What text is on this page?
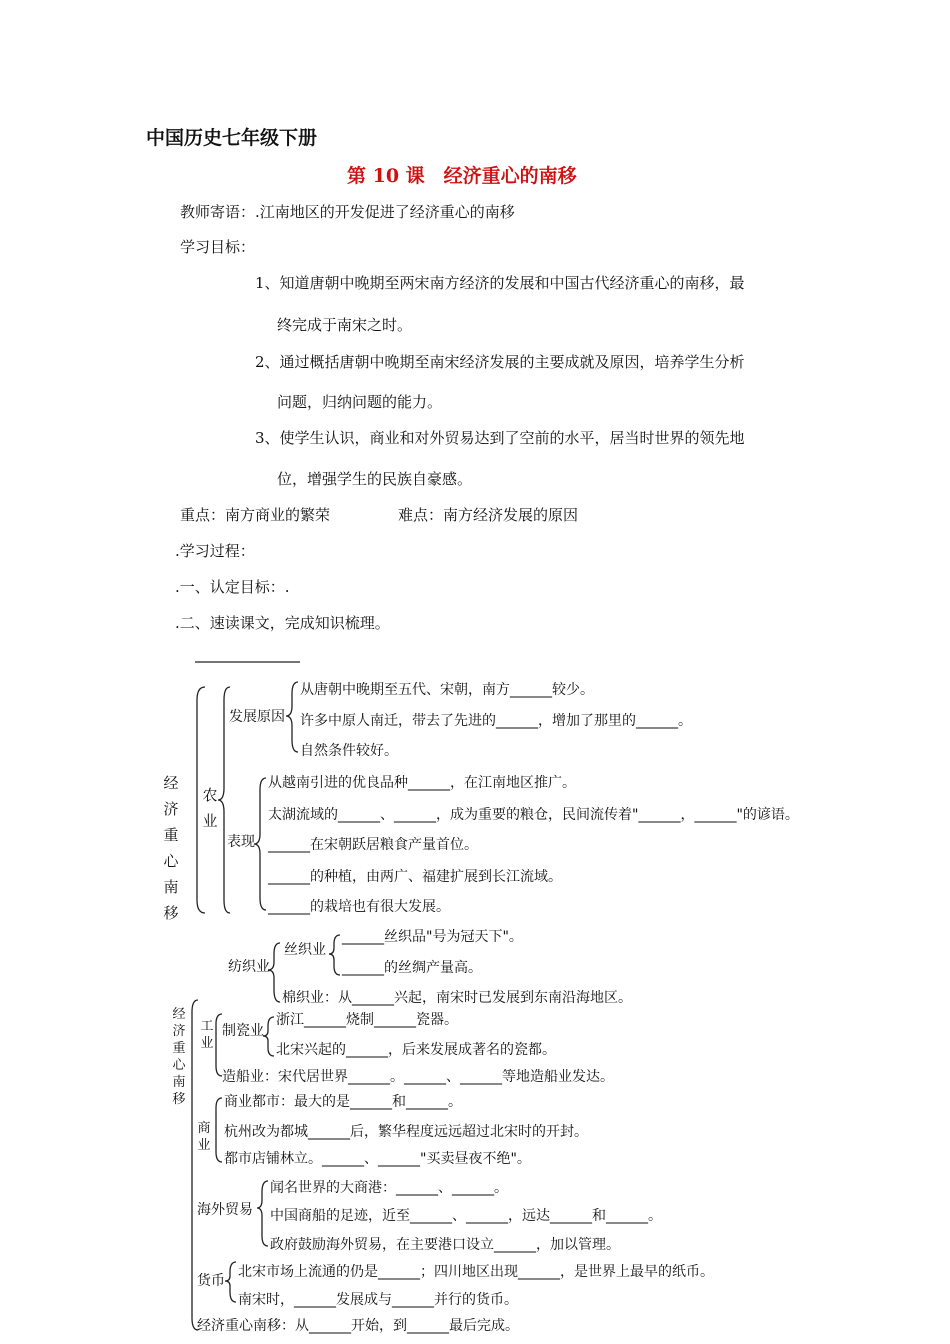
中国历史七年级下册
第 10 课　经济重心的南移
教师寄语：.江南地区的开发促进了经济重心的南移
学习目标：
1、知道唐朝中晚期至两宋南方经济的发展和中国古代经济重心的南移，最
终完成于南宋之时。
2、通过概括唐朝中晚期至南宋经济发展的主要成就及原因，培养学生分析
问题，归纳问题的能力。
3、使学生认识，商业和对外贸易达到了空前的水平，居当时世界的领先地
位，增强学生的民族自豪感。
重点：南方商业的繁荣	难点：南方经济发展的原因
.学习过程：
.一、认定目标：.
.二、速读课文，完成知识梳理。
经济重心南移
农业
发展原因
从唐朝中晚期至五代、宋朝，南方______较少。
许多中原人南迁，带去了先进的______，增加了那里的______。
自然条件较好。
表现
从越南引进的优良品种______，在江南地区推广。
太湖流域的______、______，成为重要的粮仓，民间流传着"______，______"的谚语。
______在宋朝跃居粮食产量首位。
______的种植，由两广、福建扩展到长江流域。
______的栽培也有很大发展。
经济重心南移
纺织业
丝织业
______丝织品"号为冠天下"。
______的丝绸产量高。
棉织业：从______兴起，南宋时已发展到东南沿海地区。
工业
制瓷业
浙江______烧制______瓷器。
北宋兴起的______，后来发展成著名的瓷都。
造船业：宋代居世界______。______、______等地造船业发达。
商业
商业都市：最大的是______和______。
杭州改为都城______后，繁华程度远远超过北宋时的开封。
都市店铺林立。______、______"买卖昼夜不绝"。
海外贸易
闻名世界的大商港：______、______。
中国商船的足迹，近至______、______，远达______和______。
政府鼓励海外贸易，在主要港口设立______，加以管理。
货币
北宋市场上流通的仍是______；四川地区出现______，是世界上最早的纸币。
南宋时，______发展成与______并行的货币。
经济重心南移：从______开始，到______最后完成。
